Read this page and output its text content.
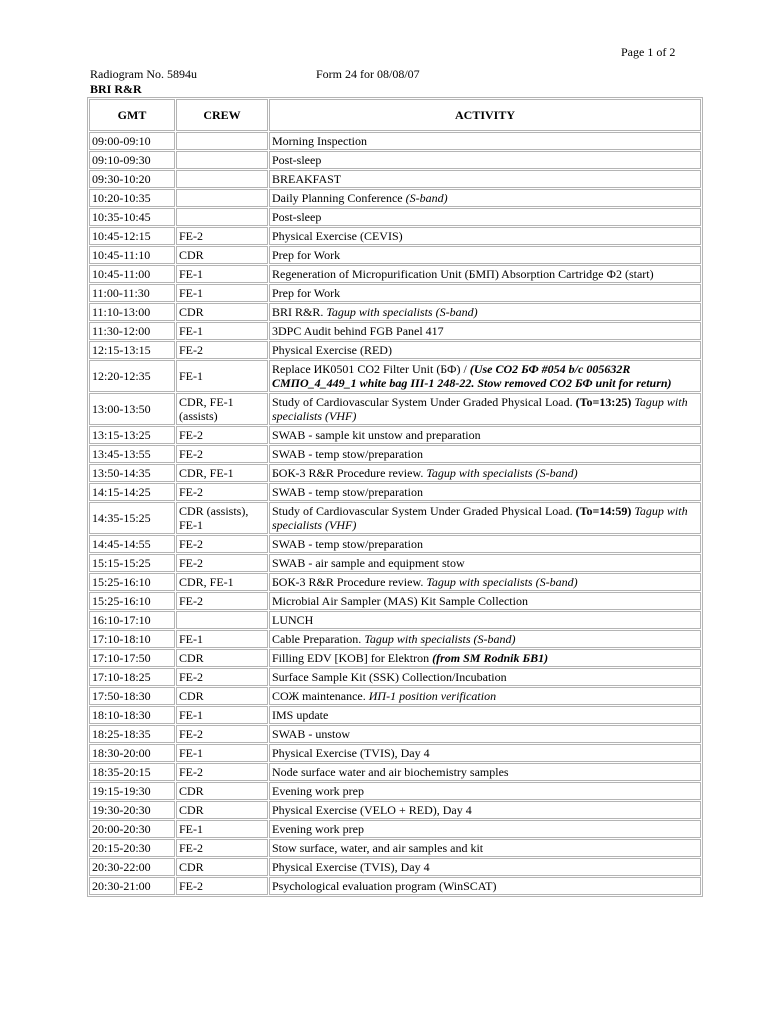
Page 1 of 2
Radiogram No. 5894u	Form 24 for 08/08/07
BRI R&R
GMT	CREW	ACTIVITY
09:00-09:10		Morning Inspection
09:10-09:30		Post-sleep
09:30-10:20		BREAKFAST
10:20-10:35		Daily Planning Conference (S-band)
10:35-10:45		Post-sleep
10:45-12:15	FE-2	Physical Exercise (CEVIS)
10:45-11:10	CDR	Prep for Work
10:45-11:00	FE-1	Regeneration of Micropurification Unit (БМП) Absorption Cartridge Ф2 (start)
11:00-11:30	FE-1	Prep for Work
11:10-13:00	CDR	BRI R&R. Tagup with specialists (S-band)
11:30-12:00	FE-1	3DPC Audit behind FGB Panel 417
12:15-13:15	FE-2	Physical Exercise (RED)
12:20-12:35	FE-1	Replace ИК0501 CO2 Filter Unit (БФ) / (Use CO2 БФ #054 b/c 005632R СМПО_4_449_1 white bag III-1 248-22. Stow removed CO2 БФ unit for return)
13:00-13:50	CDR, FE-1 (assists)	Study of Cardiovascular System Under Graded Physical Load. (To=13:25) Tagup with specialists (VHF)
13:15-13:25	FE-2	SWAB - sample kit unstow and preparation
13:45-13:55	FE-2	SWAB - temp stow/preparation
13:50-14:35	CDR, FE-1	БОК-3 R&R Procedure review. Tagup with specialists (S-band)
14:15-14:25	FE-2	SWAB - temp stow/preparation
14:35-15:25	CDR (assists), FE-1	Study of Cardiovascular System Under Graded Physical Load. (To=14:59) Tagup with specialists (VHF)
14:45-14:55	FE-2	SWAB - temp stow/preparation
15:15-15:25	FE-2	SWAB - air sample and equipment stow
15:25-16:10	CDR, FE-1	БОК-3 R&R Procedure review. Tagup with specialists (S-band)
15:25-16:10	FE-2	Microbial Air Sampler (MAS) Kit Sample Collection
16:10-17:10		LUNCH
17:10-18:10	FE-1	Cable Preparation. Tagup with specialists (S-band)
17:10-17:50	CDR	Filling EDV [KOB] for Elektron (from SM Rodnik БВ1)
17:10-18:25	FE-2	Surface Sample Kit (SSK) Collection/Incubation
17:50-18:30	CDR	СОЖ maintenance. ИП-1 position verification
18:10-18:30	FE-1	IMS update
18:25-18:35	FE-2	SWAB - unstow
18:30-20:00	FE-1	Physical Exercise (TVIS), Day 4
18:35-20:15	FE-2	Node surface water and air biochemistry samples
19:15-19:30	CDR	Evening work prep
19:30-20:30	CDR	Physical Exercise (VELO + RED), Day 4
20:00-20:30	FE-1	Evening work prep
20:15-20:30	FE-2	Stow surface, water, and air samples and kit
20:30-22:00	CDR	Physical Exercise (TVIS), Day 4
20:30-21:00	FE-2	Psychological evaluation program (WinSCAT)
